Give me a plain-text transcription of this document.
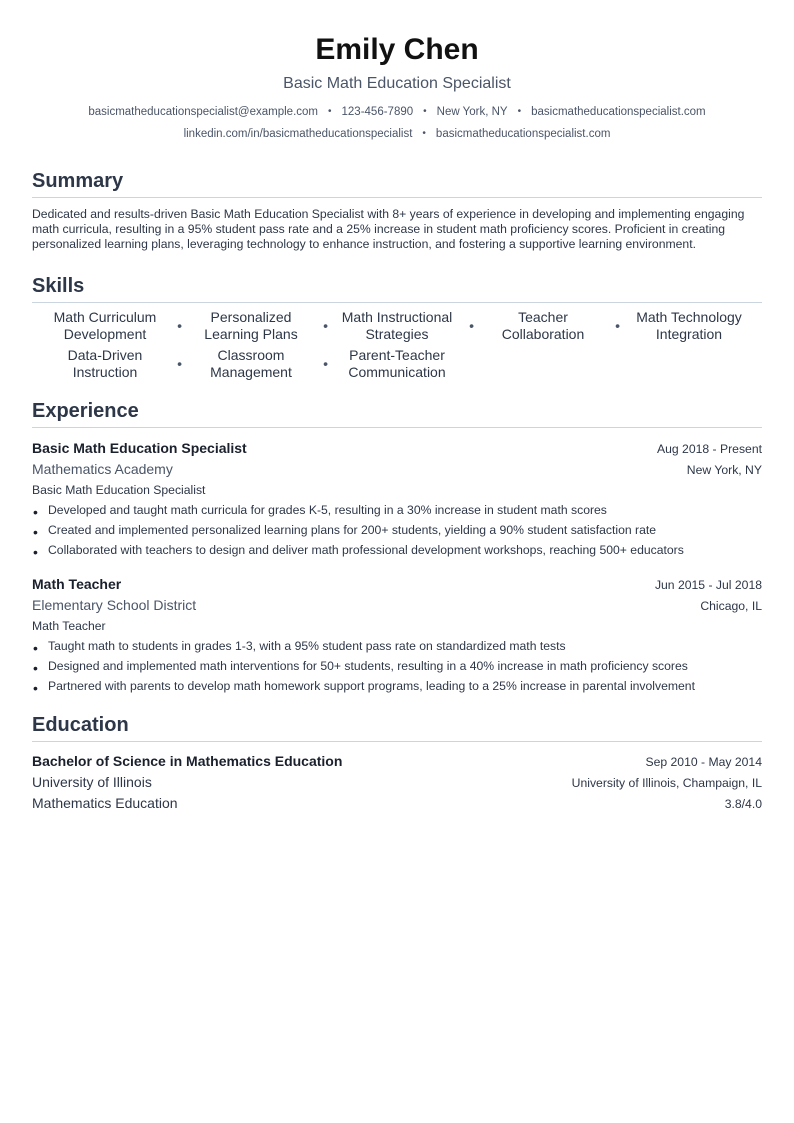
Emily Chen
Basic Math Education Specialist
basicmatheducationspecialist@example.com • 123-456-7890 • New York, NY • basicmatheducationspecialist.com
linkedin.com/in/basicmatheducationspecialist • basicmatheducationspecialist.com
Summary

Dedicated and results-driven Basic Math Education Specialist with 8+ years of experience in developing and implementing engaging math curricula, resulting in a 95% student pass rate and a 25% increase in student math proficiency scores. Proficient in creating personalized learning plans, leveraging technology to enhance instruction, and fostering a supportive learning environment.

Skills
Math Curriculum Development •
Personalized Learning Plans •
Math Instructional Strategies •
Teacher Collaboration •
Math Technology Integration
Data-Driven Instruction •
Classroom Management •
Parent-Teacher Communication
Experience
Basic Math Education Specialist	Aug 2018 - Present
Mathematics Academy	New York, NY
Basic Math Education Specialist
• Developed and taught math curricula for grades K-5, resulting in a 30% increase in student math scores
• Created and implemented personalized learning plans for 200+ students, yielding a 90% student satisfaction rate
• Collaborated with teachers to design and deliver math professional development workshops, reaching 500+ educators
Math Teacher	Jun 2015 - Jul 2018
Elementary School District	Chicago, IL
Math Teacher
• Taught math to students in grades 1-3, with a 95% student pass rate on standardized math tests
• Designed and implemented math interventions for 50+ students, resulting in a 40% increase in math proficiency scores
• Partnered with parents to develop math homework support programs, leading to a 25% increase in parental involvement
Education
Bachelor of Science in Mathematics Education	Sep 2010 - May 2014
University of Illinois	University of Illinois, Champaign, IL
Mathematics Education	3.8/4.0
